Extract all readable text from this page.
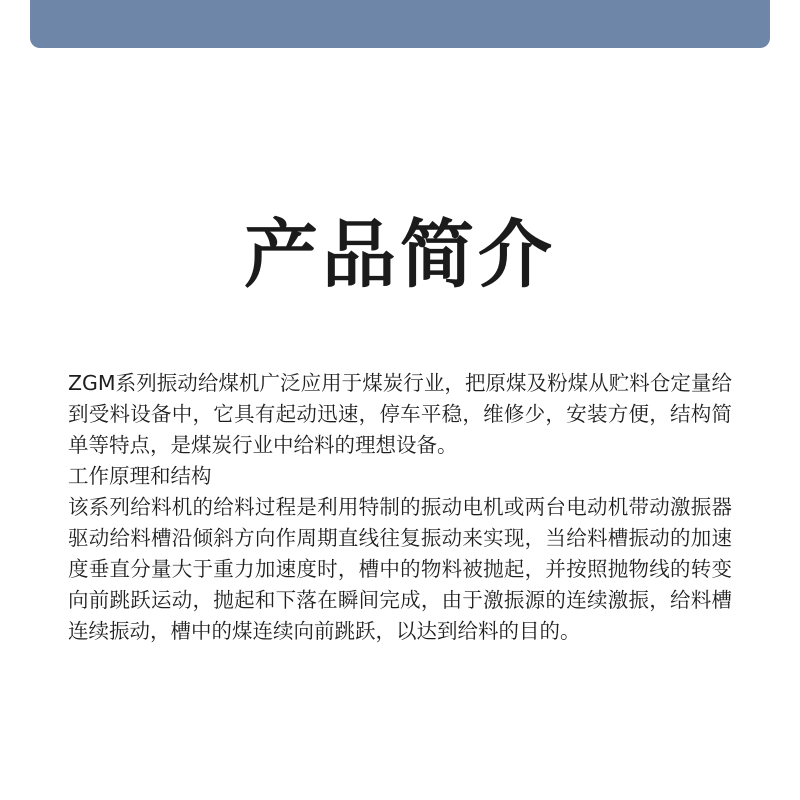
产品简介

ZGM系列振动给煤机广泛应用于煤炭行业，把原煤及粉煤从贮料仓定量给到受料设备中，它具有起动迅速，停车平稳，维修少，安装方便，结构简单等特点，是煤炭行业中给料的理想设备。

工作原理和结构

该系列给料机的给料过程是利用特制的振动电机或两台电动机带动激振器驱动给料槽沿倾斜方向作周期直线往复振动来实现，当给料槽振动的加速度垂直分量大于重力加速度时，槽中的物料被抛起，并按照抛物线的转变向前跳跃运动，抛起和下落在瞬间完成，由于激振源的连续激振，给料槽连续振动，槽中的煤连续向前跳跃，以达到给料的目的。
